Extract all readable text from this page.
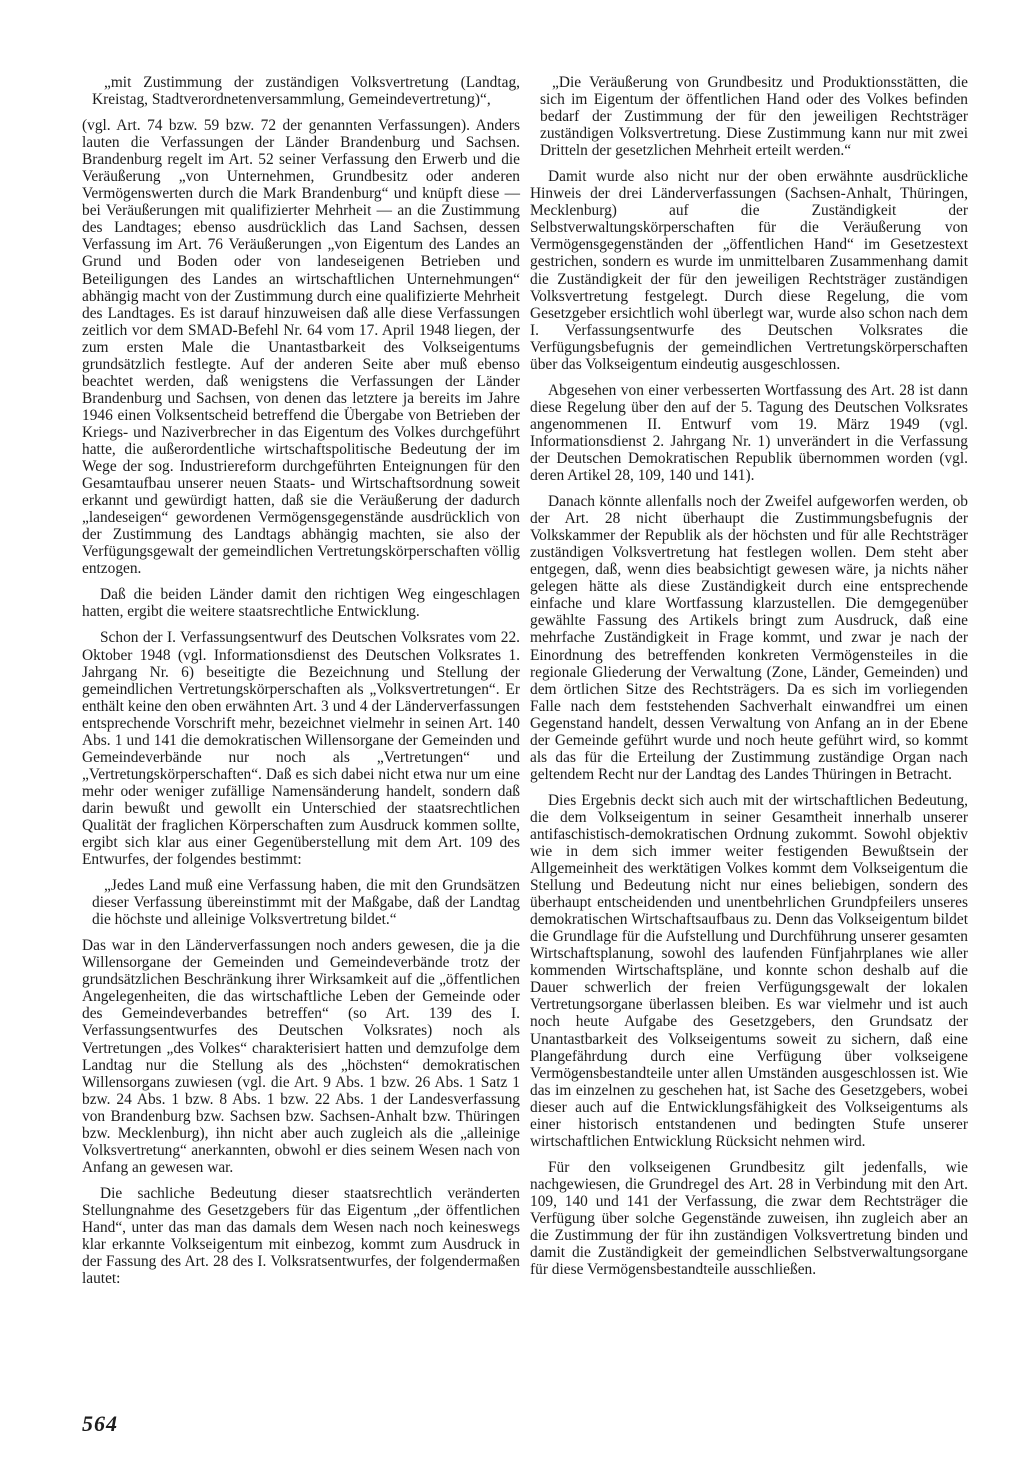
„mit Zustimmung der zuständigen Volksvertretung (Landtag, Kreistag, Stadtverordnetenversammlung, Gemeindevertretung)“,

(vgl. Art. 74 bzw. 59 bzw. 72 der genannten Verfassungen). Anders lauten die Verfassungen der Länder Brandenburg und Sachsen. Brandenburg regelt im Art. 52 seiner Verfassung den Erwerb und die Veräußerung „von Unternehmen, Grundbesitz oder anderen Vermögenswerten durch die Mark Brandenburg“ und knüpft diese — bei Veräußerungen mit qualifizierter Mehrheit — an die Zustimmung des Landtages; ebenso ausdrücklich das Land Sachsen, dessen Verfassung im Art. 76 Veräußerungen „von Eigentum des Landes an Grund und Boden oder von landeseigenen Betrieben und Beteiligungen des Landes an wirtschaftlichen Unternehmungen“ abhängig macht von der Zustimmung durch eine qualifizierte Mehrheit des Landtages. Es ist darauf hinzuweisen daß alle diese Verfassungen zeitlich vor dem SMAD-Befehl Nr. 64 vom 17. April 1948 liegen, der zum ersten Male die Unantastbarkeit des Volkseigentums grundsätzlich festlegte. Auf der anderen Seite aber muß ebenso beachtet werden, daß wenigstens die Verfassungen der Länder Brandenburg und Sachsen, von denen das letztere ja bereits im Jahre 1946 einen Volksentscheid betreffend die Übergabe von Betrieben der Kriegs- und Naziverbrecher in das Eigentum des Volkes durchgeführt hatte, die außerordentliche wirtschaftspolitische Bedeutung der im Wege der sog. Industriereform durchgeführten Enteignungen für den Gesamtaufbau unserer neuen Staats- und Wirtschaftsordnung soweit erkannt und gewürdigt hatten, daß sie die Veräußerung der dadurch „landeseigen“ gewordenen Vermögensgegenstände ausdrücklich von der Zustimmung des Landtags abhängig machten, sie also der Verfügungsgewalt der gemeindlichen Vertretungskörperschaften völlig entzogen.

Daß die beiden Länder damit den richtigen Weg eingeschlagen hatten, ergibt die weitere staatsrechtliche Entwicklung.

Schon der I. Verfassungsentwurf des Deutschen Volksrates vom 22. Oktober 1948 (vgl. Informationsdienst des Deutschen Volksrates 1. Jahrgang Nr. 6) beseitigte die Bezeichnung und Stellung der gemeindlichen Vertretungskörperschaften als „Volksvertretungen“. Er enthält keine den oben erwähnten Art. 3 und 4 der Länderverfassungen entsprechende Vorschrift mehr, bezeichnet vielmehr in seinen Art. 140 Abs. 1 und 141 die demokratischen Willensorgane der Gemeinden und Gemeindeverbände nur noch als „Vertretungen“ und „Vertretungskörperschaften“. Daß es sich dabei nicht etwa nur um eine mehr oder weniger zufällige Namensänderung handelt, sondern daß darin bewußt und gewollt ein Unterschied der staatsrechtlichen Qualität der fraglichen Körperschaften zum Ausdruck kommen sollte, ergibt sich klar aus einer Gegenüberstellung mit dem Art. 109 des Entwurfes, der folgendes bestimmt:

„Jedes Land muß eine Verfassung haben, die mit den Grundsätzen dieser Verfassung übereinstimmt mit der Maßgabe, daß der Landtag die höchste und alleinige Volksvertretung bildet.“

Das war in den Länderverfassungen noch anders gewesen, die ja die Willensorgane der Gemeinden und Gemeindeverbände trotz der grundsätzlichen Beschränkung ihrer Wirksamkeit auf die „öffentlichen Angelegenheiten, die das wirtschaftliche Leben der Gemeinde oder des Gemeindeverbandes betreffen“ (so Art. 139 des I. Verfassungsentwurfes des Deutschen Volksrates) noch als Vertretungen „des Volkes“ charakterisiert hatten und demzufolge dem Landtag nur die Stellung als des „höchsten“ demokratischen Willensorgans zuwiesen (vgl. die Art. 9 Abs. 1 bzw. 26 Abs. 1 Satz 1 bzw. 24 Abs. 1 bzw. 8 Abs. 1 bzw. 22 Abs. 1 der Landesverfassung von Brandenburg bzw. Sachsen bzw. Sachsen-Anhalt bzw. Thüringen bzw. Mecklenburg), ihn nicht aber auch zugleich als die „alleinige Volksvertretung“ anerkannten, obwohl er dies seinem Wesen nach von Anfang an gewesen war.

Die sachliche Bedeutung dieser staatsrechtlich veränderten Stellungnahme des Gesetzgebers für das Eigentum „der öffentlichen Hand“, unter das man das damals dem Wesen nach noch keineswegs klar erkannte Volkseigentum mit einbezog, kommt zum Ausdruck in der Fassung des Art. 28 des I. Volksratsentwurfes, der folgendermaßen lautet:

„Die Veräußerung von Grundbesitz und Produktionsstätten, die sich im Eigentum der öffentlichen Hand oder des Volkes befinden bedarf der Zustimmung der für den jeweiligen Rechtsträger zuständigen Volksvertretung. Diese Zustimmung kann nur mit zwei Dritteln der gesetzlichen Mehrheit erteilt werden.“

Damit wurde also nicht nur der oben erwähnte ausdrückliche Hinweis der drei Länderverfassungen (Sachsen-Anhalt, Thüringen, Mecklenburg) auf die Zuständigkeit der Selbstverwaltungskörperschaften für die Veräußerung von Vermögensgegenständen der „öffentlichen Hand“ im Gesetzestext gestrichen, sondern es wurde im unmittelbaren Zusammenhang damit die Zuständigkeit der für den jeweiligen Rechtsträger zuständigen Volksvertretung festgelegt. Durch diese Regelung, die vom Gesetzgeber ersichtlich wohl überlegt war, wurde also schon nach dem I. Verfassungsentwurfe des Deutschen Volksrates die Verfügungsbefugnis der gemeindlichen Vertretungskörperschaften über das Volkseigentum eindeutig ausgeschlossen.

Abgesehen von einer verbesserten Wortfassung des Art. 28 ist dann diese Regelung über den auf der 5. Tagung des Deutschen Volksrates angenommenen II. Entwurf vom 19. März 1949 (vgl. Informationsdienst 2. Jahrgang Nr. 1) unverändert in die Verfassung der Deutschen Demokratischen Republik übernommen worden (vgl. deren Artikel 28, 109, 140 und 141).

Danach könnte allenfalls noch der Zweifel aufgeworfen werden, ob der Art. 28 nicht überhaupt die Zustimmungsbefugnis der Volkskammer der Republik als der höchsten und für alle Rechtsträger zuständigen Volksvertretung hat festlegen wollen. Dem steht aber entgegen, daß, wenn dies beabsichtigt gewesen wäre, ja nichts näher gelegen hätte als diese Zuständigkeit durch eine entsprechende einfache und klare Wortfassung klarzustellen. Die demgegenüber gewählte Fassung des Artikels bringt zum Ausdruck, daß eine mehrfache Zuständigkeit in Frage kommt, und zwar je nach der Einordnung des betreffenden konkreten Vermögensteiles in die regionale Gliederung der Verwaltung (Zone, Länder, Gemeinden) und dem örtlichen Sitze des Rechtsträgers. Da es sich im vorliegenden Falle nach dem feststehenden Sachverhalt einwandfrei um einen Gegenstand handelt, dessen Verwaltung von Anfang an in der Ebene der Gemeinde geführt wurde und noch heute geführt wird, so kommt als das für die Erteilung der Zustimmung zuständige Organ nach geltendem Recht nur der Landtag des Landes Thüringen in Betracht.

Dies Ergebnis deckt sich auch mit der wirtschaftlichen Bedeutung, die dem Volkseigentum in seiner Gesamtheit innerhalb unserer antifaschistisch-demokratischen Ordnung zukommt. Sowohl objektiv wie in dem sich immer weiter festigenden Bewußtsein der Allgemeinheit des werktätigen Volkes kommt dem Volkseigentum die Stellung und Bedeutung nicht nur eines beliebigen, sondern des überhaupt entscheidenden und unentbehrlichen Grundpfeilers unseres demokratischen Wirtschaftsaufbaus zu. Denn das Volkseigentum bildet die Grundlage für die Aufstellung und Durchführung unserer gesamten Wirtschaftsplanung, sowohl des laufenden Fünfjahrplanes wie aller kommenden Wirtschaftspläne, und konnte schon deshalb auf die Dauer schwerlich der freien Verfügungsgewalt der lokalen Vertretungsorgane überlassen bleiben. Es war vielmehr und ist auch noch heute Aufgabe des Gesetzgebers, den Grundsatz der Unantastbarkeit des Volkseigentums soweit zu sichern, daß eine Plangefährdung durch eine Verfügung über volkseigene Vermögensbestandteile unter allen Umständen ausgeschlossen ist. Wie das im einzelnen zu geschehen hat, ist Sache des Gesetzgebers, wobei dieser auch auf die Entwicklungsfähigkeit des Volkseigentums als einer historisch entstandenen und bedingten Stufe unserer wirtschaftlichen Entwicklung Rücksicht nehmen wird.

Für den volkseigenen Grundbesitz gilt jedenfalls, wie nachgewiesen, die Grundregel des Art. 28 in Verbindung mit den Art. 109, 140 und 141 der Verfassung, die zwar dem Rechtsträger die Verfügung über solche Gegenstände zuweisen, ihn zugleich aber an die Zustimmung der für ihn zuständigen Volksvertretung binden und damit die Zuständigkeit der gemeindlichen Selbstverwaltungsorgane für diese Vermögensbestandteile ausschließen.

564
